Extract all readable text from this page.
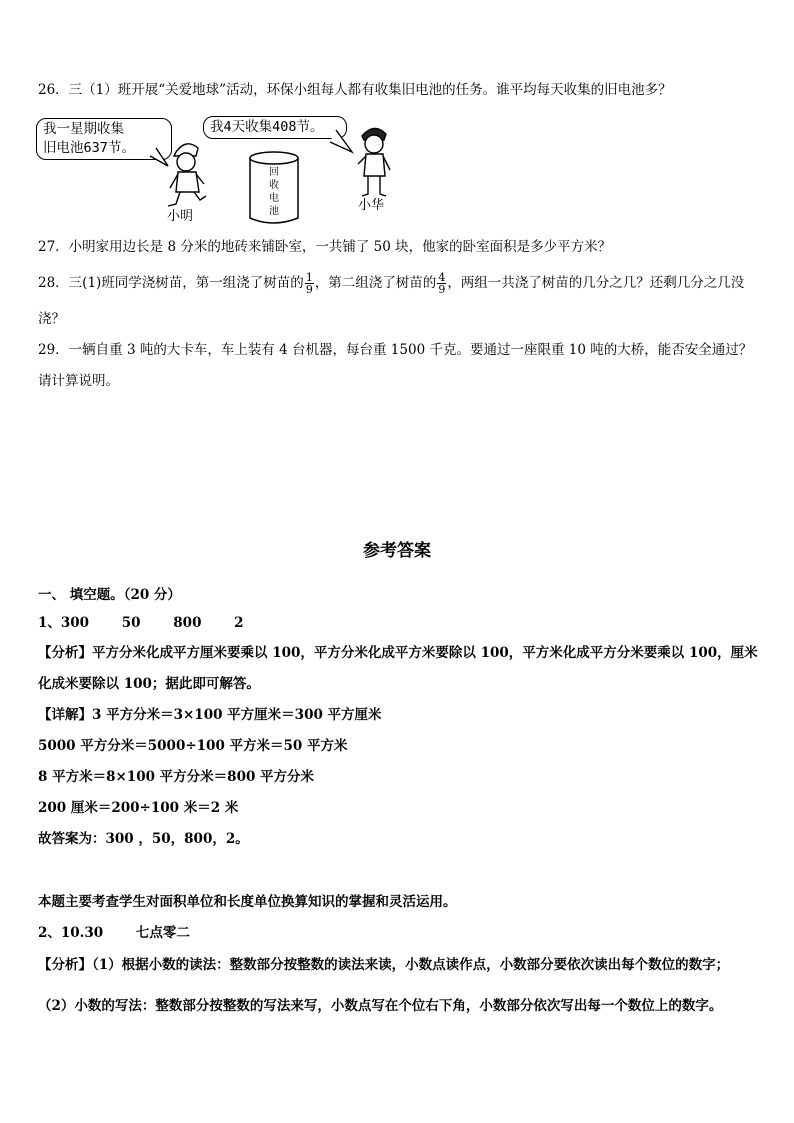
26．三（1）班开展“关爱地球”活动，环保小组每人都有收集旧电池的任务。谁平均每天收集的旧电池多？
我一星期收集
旧电池637节。
我4天收集408节。
回
收
电
池
小明
小华
27．小明家用边长是 8 分米的地砖来铺卧室，一共铺了 50 块，他家的卧室面积是多少平方米？
28．三(1)班同学浇树苗，第一组浇了树苗的 $\frac{1}{9}$ ，第二组浇了树苗的 $\frac{4}{9}$ ，两组一共浇了树苗的几分之几？还剩几分之几没
浇？
29．一辆自重 3 吨的大卡车，车上装有 4 台机器，每台重 1500 千克。要通过一座限重 10 吨的大桥，能否安全通过？
请计算说明。
参考答案
一、 填空题。（20 分）
1、300 50 800 2
【分析】平方分米化成平方厘米要乘以 100，平方分米化成平方米要除以 100，平方米化成平方分米要乘以 100，厘米
化成米要除以 100；据此即可解答。
【详解】3 平方分米＝3×100 平方厘米＝300 平方厘米
5000 平方分米＝5000÷100 平方米＝50 平方米
8 平方米＝8×100 平方分米＝800 平方分米
200 厘米＝200÷100 米＝2 米
故答案为：300 ，50，800，2。
本题主要考查学生对面积单位和长度单位换算知识的掌握和灵活运用。
2、10.30 七点零二
【分析】（1）根据小数的读法：整数部分按整数的读法来读，小数点读作点，小数部分要依次读出每个数位的数字；
（2）小数的写法：整数部分按整数的写法来写，小数点写在个位右下角，小数部分依次写出每一个数位上的数字。
